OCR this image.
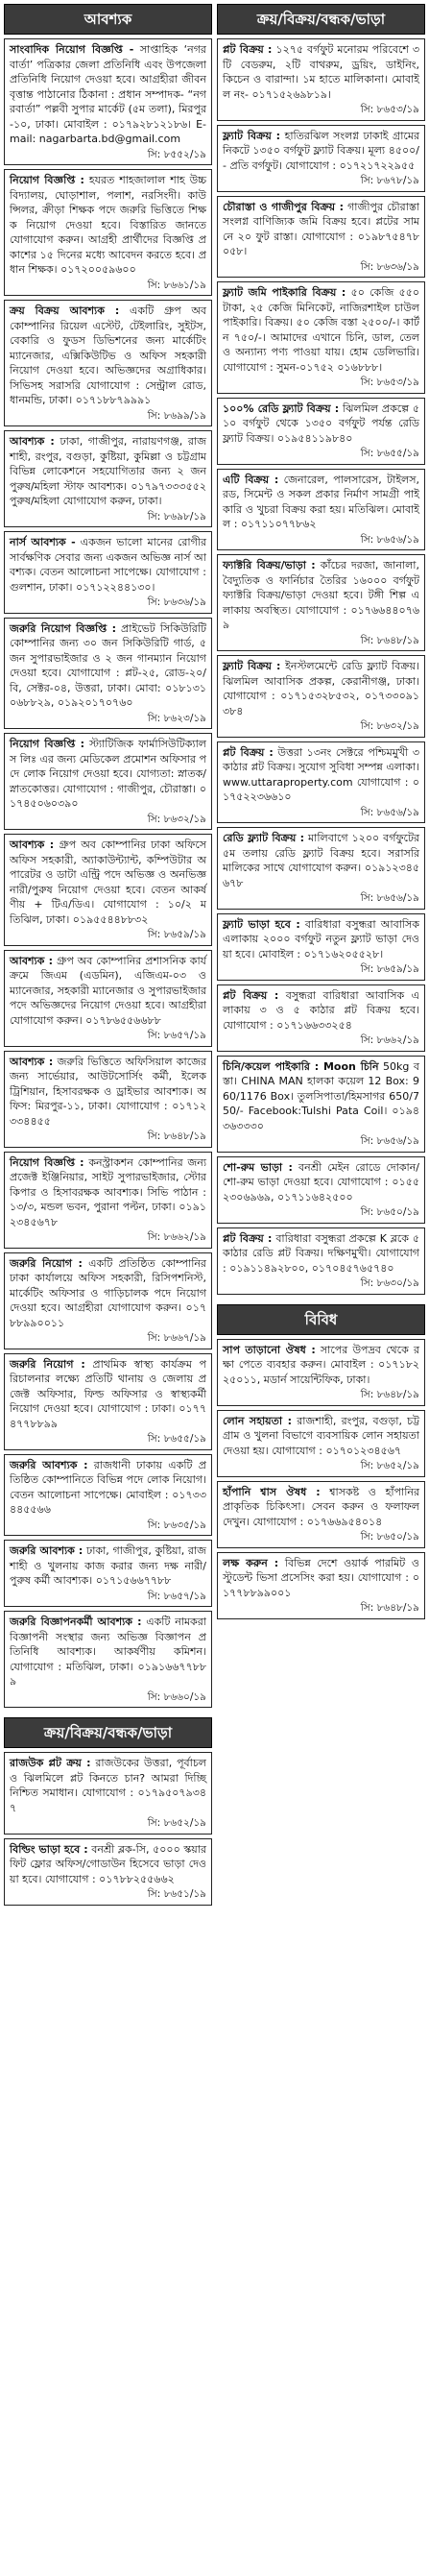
আবশ্যক
সাংবাদিক নিয়োগ বিজ্ঞপ্তি - সাপ্তাহিক ‘নগরবার্তা’ পত্রিকার জেলা প্রতিনিধি এবং উপজেলা প্রতিনিধি নিয়োগ দেওয়া হবে। আগ্রহীরা জীবন বৃত্তান্ত পাঠানোর ঠিকানা : প্রধান সম্পাদক- “নগরবার্তা” পল্লবী সুপার মার্কেট (৫ম তলা), মিরপুর-১০, ঢাকা। মোবাইল : ০১৭৯২৮১২১৮৬। E-mail: nagarbarta.bd@gmail.com
সি: ৮৫৫২/১৯
নিয়োগ বিজ্ঞপ্তি : হযরত শাহজালাল শাহ উচ্চ বিদ্যালয়, ঘোড়াশাল, পলাশ, নরসিংদী। কাউন্সিলর, ক্রীড়া শিক্ষক পদে জরুরি ভিত্তিতে শিক্ষক নিয়োগ দেওয়া হবে। বিস্তারিত জানতে যোগাযোগ করুন। আগ্রহী প্রার্থীদের বিজ্ঞপ্তি প্রকাশের ১৫ দিনের মধ্যে আবেদন করতে হবে। প্রধান শিক্ষক। ০১৭২০০৫৯৬০০
সি: ৮৬৬১/১৯
ক্রয় বিক্রয় আবশ্যক : একটি গ্রুপ অব কোম্পানির রিয়েল এস্টেট, টেইলারিং, সুইটস, বেকারি ও ফুডস ডিভিশনের জন্য মার্কেটিং ম্যানেজার, এক্সিকিউটিভ ও অফিস সহকারী নিয়োগ দেওয়া হবে। অভিজ্ঞদের অগ্রাধিকার। সিভিসহ সরাসরি যোগাযোগ : সেন্ট্রাল রোড, ধানমন্ডি, ঢাকা। ০১৭১৮৮৭৯৯৯১
সি: ৮৬৯৯/১৯
আবশ্যক : ঢাকা, গাজীপুর, নারায়ণগঞ্জ, রাজশাহী, রংপুর, বগুড়া, কুষ্টিয়া, কুমিল্লা ও চট্টগ্রাম বিভিন্ন লোকেশনে সহযোগিতার জন্য ২ জন পুরুষ/মহিলা স্টাফ আবশ্যক। ০১৭৯৭৩৩৩৫৫২ পুরুষ/মহিলা যোগাযোগ করুন, ঢাকা।
সি: ৮৬৯৮/১৯
নার্স আবশ্যক - একজন ভালো মানের রোগীর সার্বক্ষণিক সেবার জন্য একজন অভিজ্ঞ নার্স আবশ্যক। বেতন আলোচনা সাপেক্ষে। যোগাযোগ : গুলশান, ঢাকা। ০১৭১২২৪৪১৩০।
সি: ৮৬৩৬/১৯
জরুরি নিয়োগ বিজ্ঞপ্তি : প্রাইভেট সিকিউরিটি কোম্পানির জন্য ৩০ জন সিকিউরিটি গার্ড, ৫ জন সুপারভাইজার ও ২ জন গানম্যান নিয়োগ দেওয়া হবে। যোগাযোগ : প্লট-২৫, রোড-২০/বি, সেক্টর-০৪, উত্তরা, ঢাকা। মোবা: ০১৮১৩১০৬৮৮২৯, ০১৯২০১৭০৭৬০
সি: ৮৬২৩/১৯
নিয়োগ বিজ্ঞপ্তি : স্ট্যাটিজিক ফার্মাসিউটিক্যালস লিঃ এর জন্য মেডিকেল প্রমোশন অফিসার পদে লোক নিয়োগ দেওয়া হবে। যোগ্যতা: স্নাতক/স্নাতকোত্তর। যোগাযোগ : গাজীপুর, চৌরাস্তা। ০১৭৪৫০৬০৩৯০
সি: ৮৬৩২/১৯
আবশ্যক : গ্রুপ অব কোম্পানির ঢাকা অফিসে অফিস সহকারী, অ্যাকাউন্ট্যান্ট, কম্পিউটার অপারেটর ও ডাটা এন্ট্রি পদে অভিজ্ঞ ও অনভিজ্ঞ নারী/পুরুষ নিয়োগ দেওয়া হবে। বেতন আকর্ষণীয় + টিএ/ডিএ। যোগাযোগ : ১০/২ মতিঝিল, ঢাকা। ০১৯৫৫৪৪৮৮৩২
সি: ৮৬৫৯/১৯
আবশ্যক : গ্রুপ অব কোম্পানির প্রশাসনিক কার্যক্রমে জিএম (এডমিন), এজিএম-০৩ ও ম্যানেজার, সহকারী ম্যানেজার ও সুপারভাইজার পদে অভিজ্ঞদের নিয়োগ দেওয়া হবে। আগ্রহীরা যোগাযোগ করুন। ০১৭৮৬৫৫৬৬৮৮
সি: ৮৬৫৭/১৯
আবশ্যক : জরুরি ভিত্তিতে অফিসিয়াল কাজের জন্য সার্ভেয়ার, আউটসোর্সিং কর্মী, ইলেকট্রিশিয়ান, হিসাবরক্ষক ও ড্রাইভার আবশ্যক। অফিস: মিরপুর-১১, ঢাকা। যোগাযোগ : ০১৭১২৩৩৪৪৫৫
সি: ৮৬৪৮/১৯
নিয়োগ বিজ্ঞপ্তি : কনস্ট্রাকশন কোম্পানির জন্য প্রজেক্ট ইঞ্জিনিয়ার, সাইট সুপারভাইজার, স্টোর কিপার ও হিসাবরক্ষক আবশ্যক। সিভি পাঠান : ১৩/৩, মন্ডল ভবন, পুরানা পল্টন, ঢাকা। ০১৯১২৩৪৫৬৭৮
সি: ৮৬৬২/১৯
জরুরি নিয়োগ : একটি প্রতিষ্ঠিত কোম্পানির ঢাকা কার্যালয়ে অফিস সহকারী, রিসিপশনিস্ট, মার্কেটিং অফিসার ও গাড়িচালক পদে নিয়োগ দেওয়া হবে। আগ্রহীরা যোগাযোগ করুন। ০১৭৮৮৯৯০০১১
সি: ৮৬৬৭/১৯
জরুরি নিয়োগ : প্রাথমিক স্বাস্থ্য কার্যক্রম পরিচালনার লক্ষ্যে প্রতিটি থানায় ও জেলায় প্রজেক্ট অফিসার, ফিল্ড অফিসার ও স্বাস্থ্যকর্মী নিয়োগ দেওয়া হবে। যোগাযোগ : ঢাকা। ০১৭৭৪৭৭৮৮৯৯
সি: ৮৬৫৫/১৯
জরুরি আবশ্যক : রাজধানী ঢাকায় একটি প্রতিষ্ঠিত কোম্পানিতে বিভিন্ন পদে লোক নিয়োগ। বেতন আলোচনা সাপেক্ষে। মোবাইল : ০১৭৩৩৪৪৫৫৬৬
সি: ৮৬৩৫/১৯
জরুরি আবশ্যক : ঢাকা, গাজীপুর, কুষ্টিয়া, রাজশাহী ও খুলনায় কাজ করার জন্য দক্ষ নারী/পুরুষ কর্মী আবশ্যক। ০১৭১৫৬৬৭৭৮৮
সি: ৮৬৫৭/১৯
জরুরি বিজ্ঞাপনকর্মী আবশ্যক : একটি নামকরা বিজ্ঞাপনী সংস্থার জন্য অভিজ্ঞ বিজ্ঞাপন প্রতিনিধি আবশ্যক। আকর্ষণীয় কমিশন। যোগাযোগ : মতিঝিল, ঢাকা। ০১৯১৬৬৭৭৮৮৯
সি: ৮৬৬০/১৯
ক্রয়/বিক্রয়/বন্ধক/ভাড়া
রাজউক প্লট ক্রয় : রাজউকের উত্তরা, পূর্বাচল ও ঝিলমিলে প্লট কিনতে চান? আমরা দিচ্ছি নিশ্চিত সমাধান। যোগাযোগ : ০১৭৯৫০৭৯৩৪৭
সি: ৮৬৫২/১৯
বিল্ডিং ভাড়া হবে : বনশ্রী ব্লক-সি, ৫০০০ স্কয়ার ফিট ফ্লোর অফিস/গোডাউন হিসেবে ভাড়া দেওয়া হবে। যোগাযোগ : ০১৭৮৮২৫৫৬৬২
সি: ৮৬৫১/১৯
ক্রয়/বিক্রয়/বন্ধক/ভাড়া
প্লট বিক্রয় : ১২৭৫ বর্গফুট মনোরম পরিবেশে ৩টি বেডরুম, ২টি বাথরুম, ড্রয়িং, ডাইনিং, কিচেন ও বারান্দা। ১ম হাতে মালিকানা। মোবাইল নং- ০১৭১৫২৬৯৮১৯।
সি: ৮৬৫৩/১৯
ফ্ল্যাট বিক্রয় : হাতিরঝিল সংলগ্ন ঢাকাই গ্রামের নিকটে ১৩৫০ বর্গফুট ফ্ল্যাট বিক্রয়। মূল্য ৪৫০০/- প্রতি বর্গফুট। যোগাযোগ : ০১৭২১৭২২৯৫৫
সি: ৮৬৭৮/১৯
চৌরাস্তা ও গাজীপুর বিক্রয় : গাজীপুর চৌরাস্তা সংলগ্ন বাণিজ্যিক জমি বিক্রয় হবে। প্লটের সামনে ২০ ফুট রাস্তা। যোগাযোগ : ০১৯৮৭৫৪৭৮০৫৮।
সি: ৮৬৩৬/১৯
ফ্ল্যাট জমি পাইকারি বিক্রয় : ৫০ কেজি ৫৫০ টাকা, ২৫ কেজি মিনিকেট, নাজিরশাইল চাউল পাইকারি। বিক্রয়। ৫০ কেজি বস্তা ২৫০০/-। কার্টন ৭৫০/-। আমাদের এখানে চিনি, ডাল, তেল ও অন্যান্য পণ্য পাওয়া যায়। হোম ডেলিভারি। যোগাযোগ : সুমন-০১৭৫২ ০১৬৮৮৮।
সি: ৮৬৫৩/১৯
১০০% রেডি ফ্ল্যাট বিক্রয় : ঝিলমিল প্রকল্পে ৫১০ বর্গফুট থেকে ১৩৫০ বর্গফুট পর্যন্ত রেডি ফ্ল্যাট বিক্রয়। ০১৯৫৪১১৯৮৪০
সি: ৮৬৫৫/১৯
এটি বিক্রয় : জেনারেল, পালসারেস, টাইলস, রড, সিমেন্ট ও সকল প্রকার নির্মাণ সামগ্রী পাইকারি ও খুচরা বিক্রয় করা হয়। মতিঝিল। মোবাইল : ০১৭১১০৭৭৮৬২
সি: ৮৬৫৬/১৯
ফ্যাক্টরি বিক্রয়/ভাড়া : কাঁচের দরজা, জানালা, বৈদ্যুতিক ও ফার্নিচার তৈরির ১৬০০০ বর্গফুট ফ্যাক্টরি বিক্রয়/ভাড়া দেওয়া হবে। টঙ্গী শিল্প এলাকায় অবস্থিত। যোগাযোগ : ০১৭৬৬৪৪০৭৬৯
সি: ৮৬৪৮/১৯
ফ্ল্যাট বিক্রয় : ইনস্টলমেন্টে রেডি ফ্ল্যাট বিক্রয়। ঝিলমিল আবাসিক প্রকল্প, কেরানীগঞ্জ, ঢাকা। যোগাযোগ : ০১৭১৫৩২৮৫৩২, ০১৭৩৩০৯১৩৮৪
সি: ৮৬৩২/১৯
প্লট বিক্রয় : উত্তরা ১৩নং সেক্টরে পশ্চিমমুখী ৩ কাঠার প্লট বিক্রয়। সুযোগ সুবিধা সম্পন্ন এলাকা। www.uttaraproperty.com যোগাযোগ : ০১৭৫২২৩৬৬১০
সি: ৮৬৫৬/১৯
রেডি ফ্ল্যাট বিক্রয় : মালিবাগে ১২০০ বর্গফুটের ৫ম তলায় রেডি ফ্ল্যাট বিক্রয় হবে। সরাসরি মালিকের সাথে যোগাযোগ করুন। ০১৯১২৩৪৫৬৭৮
সি: ৮৬৫৬/১৯
ফ্ল্যাট ভাড়া হবে : বারিধারা বসুন্ধরা আবাসিক এলাকায় ২০০০ বর্গফুট নতুন ফ্ল্যাট ভাড়া দেওয়া হবে। মোবাইল : ০১৭১৬২০৫৫২৮।
সি: ৮৬৫৯/১৯
প্লট বিক্রয় : বসুন্ধরা বারিধারা আবাসিক এলাকায় ৩ ও ৫ কাঠার প্লট বিক্রয় হবে। যোগাযোগ : ০১৭১৬৬৩৩২৫৪
সি: ৮৬৬২/১৯
চিনি/কয়েল পাইকারি : Moon চিনি 50kg বস্তা। CHINA MAN হালকা কয়েল 12 Box: 960/1176 Box। তুলসিপাতা/হিমসাগর 650/750/- Facebook:Tulshi Pata Coil। ০১৯৪৩৬৩৩৩০
সি: ৮৬৫৬/১৯
শো-রুম ভাড়া : বনশ্রী মেইন রোডে দোকান/শো-রুম ভাড়া দেওয়া হবে। যোগাযোগ : ০১৫৫২৩০৬৯৬৯, ০১৭১১৬৪২৫০০
সি: ৮৬৫০/১৯
প্লট বিক্রয় : বারিধারা বসুন্ধরা প্রকল্পে K ব্লকে ৫ কাঠার রেডি প্লট বিক্রয়। দক্ষিণমুখী। যোগাযোগ : ০১৯১১৪৯২৮০০, ০১৭০৪৫৭৬৫৭৪০
সি: ৮৬৩০/১৯
বিবিধ
সাপ তাড়ানো ঔষধ : সাপের উপদ্রব থেকে রক্ষা পেতে ব্যবহার করুন। মোবাইল : ০১৭১৮২২৫০১১, মডার্ন সায়েন্টিফিক, ঢাকা।
সি: ৮৬৪৮/১৯
লোন সহায়তা : রাজশাহী, রংপুর, বগুড়া, চট্টগ্রাম ও খুলনা বিভাগে ব্যবসায়িক লোন সহায়তা দেওয়া হয়। যোগাযোগ : ০১৭০১২৩৪৫৬৭
সি: ৮৬৫২/১৯
হাঁপানি শ্বাস ঔষধ : শ্বাসকষ্ট ও হাঁপানির প্রাকৃতিক চিকিৎসা। সেবন করুন ও ফলাফল দেখুন। যোগাযোগ : ০১৭৬৬৯৫৪০১৪
সি: ৮৬৫০/১৯
লক্ষ করুন : বিভিন্ন দেশে ওয়ার্ক পারমিট ও স্টুডেন্ট ভিসা প্রসেসিং করা হয়। যোগাযোগ : ০১৭৭৮৮৯৯০০১
সি: ৮৬৪৮/১৯
